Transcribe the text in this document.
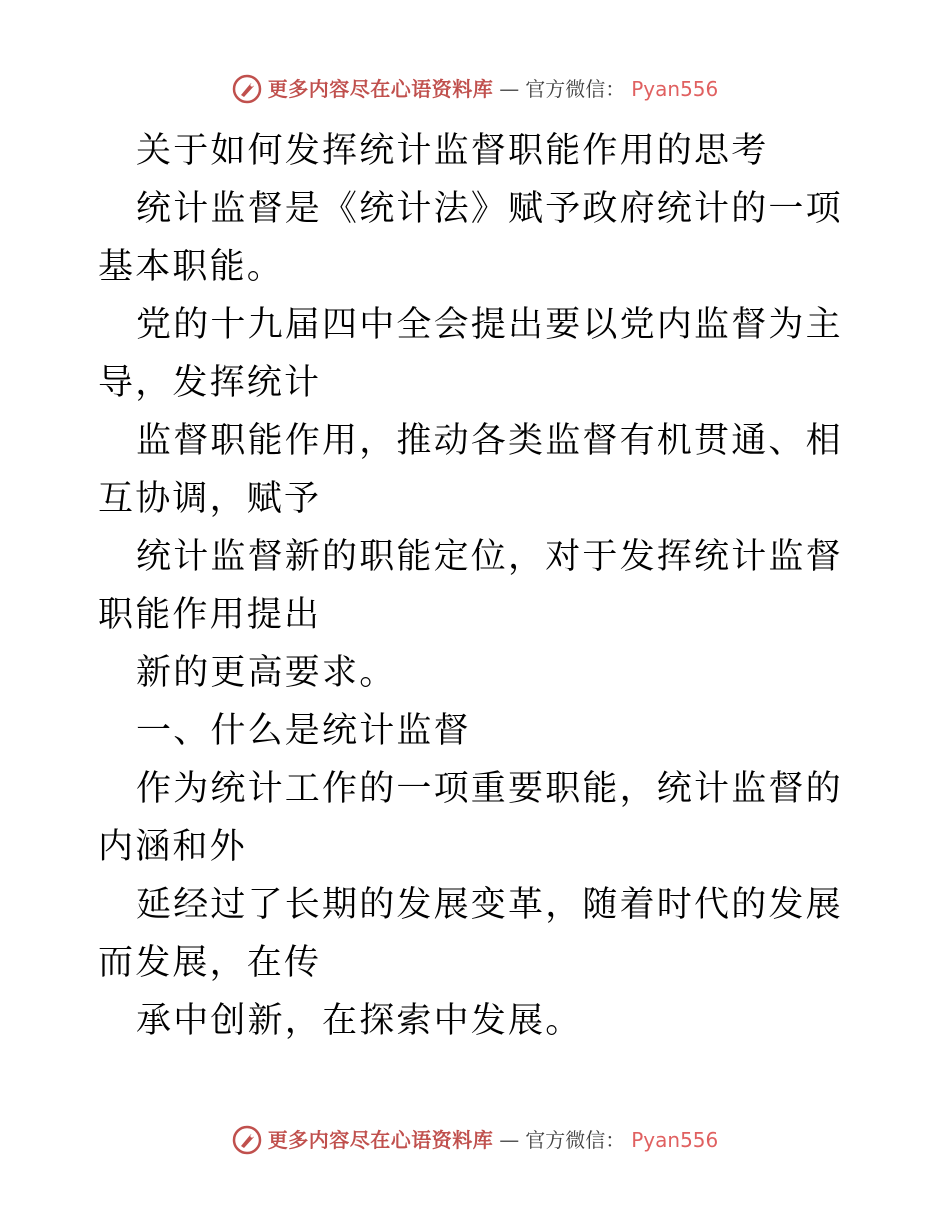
更多内容尽在心语资料库 — 官方微信： Pyan556

关于如何发挥统计监督职能作用的思考

统计监督是《统计法》赋予政府统计的一项基本职能。

党的十九届四中全会提出要以党内监督为主导，发挥统计

监督职能作用，推动各类监督有机贯通、相互协调，赋予

统计监督新的职能定位，对于发挥统计监督职能作用提出

新的更高要求。

一、什么是统计监督

作为统计工作的一项重要职能，统计监督的内涵和外

延经过了长期的发展变革，随着时代的发展而发展，在传

承中创新，在探索中发展。

更多内容尽在心语资料库 — 官方微信： Pyan556
